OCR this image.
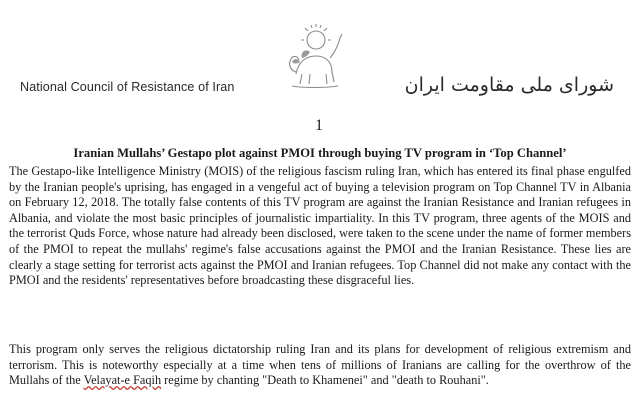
National Council of Resistance of Iran	شورای ملی مقاومت ایران
1
Iranian Mullahs’ Gestapo plot against PMOI through buying TV program in ‘Top Channel’

The Gestapo-like Intelligence Ministry (MOIS) of the religious fascism ruling Iran, which has entered its final phase engulfed by the Iranian people's uprising, has engaged in a vengeful act of buying a television program on Top Channel TV in Albania on February 12, 2018. The totally false contents of this TV program are against the Iranian Resistance and Iranian refugees in Albania, and violate the most basic principles of journalistic impartiality. In this TV program, three agents of the MOIS and the terrorist Quds Force, whose nature had already been disclosed, were taken to the scene under the name of former members of the PMOI to repeat the mullahs' regime's false accusations against the PMOI and the Iranian Resistance. These lies are clearly a stage setting for terrorist acts against the PMOI and Iranian refugees. Top Channel did not make any contact with the PMOI and the residents' representatives before broadcasting these disgraceful lies.

This program only serves the religious dictatorship ruling Iran and its plans for development of religious extremism and terrorism. This is noteworthy especially at a time when tens of millions of Iranians are calling for the overthrow of the Mullahs of the Velayat-e Faqih regime by chanting "Death to Khamenei" and "death to Rouhani".
